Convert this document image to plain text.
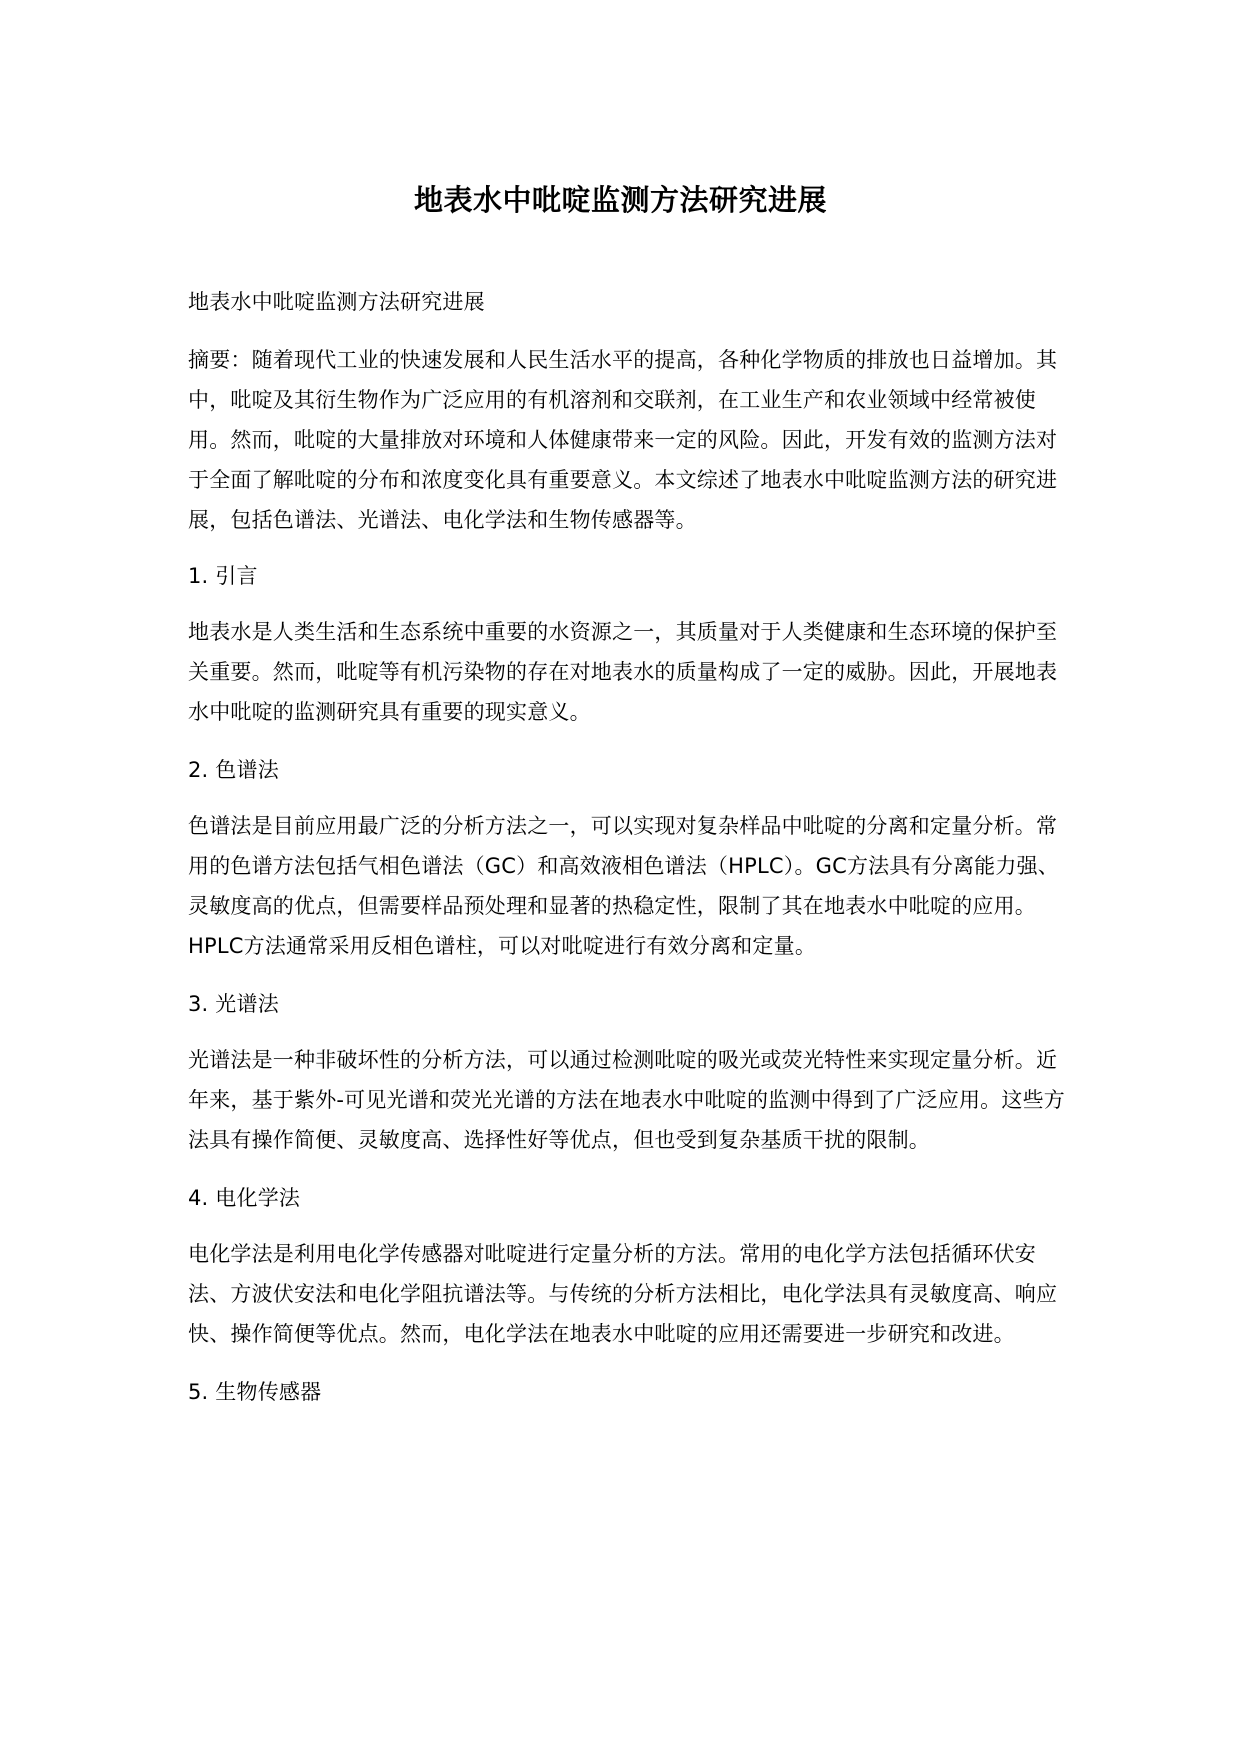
地表水中吡啶监测方法研究进展

地表水中吡啶监测方法研究进展

摘要：随着现代工业的快速发展和人民生活水平的提高，各种化学物质的排放也日益增加。其中，吡啶及其衍生物作为广泛应用的有机溶剂和交联剂，在工业生产和农业领域中经常被使用。然而，吡啶的大量排放对环境和人体健康带来一定的风险。因此，开发有效的监测方法对于全面了解吡啶的分布和浓度变化具有重要意义。本文综述了地表水中吡啶监测方法的研究进展，包括色谱法、光谱法、电化学法和生物传感器等。

1. 引言

地表水是人类生活和生态系统中重要的水资源之一，其质量对于人类健康和生态环境的保护至关重要。然而，吡啶等有机污染物的存在对地表水的质量构成了一定的威胁。因此，开展地表水中吡啶的监测研究具有重要的现实意义。

2. 色谱法

色谱法是目前应用最广泛的分析方法之一，可以实现对复杂样品中吡啶的分离和定量分析。常用的色谱方法包括气相色谱法（GC）和高效液相色谱法（HPLC）。GC方法具有分离能力强、灵敏度高的优点，但需要样品预处理和显著的热稳定性，限制了其在地表水中吡啶的应用。HPLC方法通常采用反相色谱柱，可以对吡啶进行有效分离和定量。

3. 光谱法

光谱法是一种非破坏性的分析方法，可以通过检测吡啶的吸光或荧光特性来实现定量分析。近年来，基于紫外-可见光谱和荧光光谱的方法在地表水中吡啶的监测中得到了广泛应用。这些方法具有操作简便、灵敏度高、选择性好等优点，但也受到复杂基质干扰的限制。

4. 电化学法

电化学法是利用电化学传感器对吡啶进行定量分析的方法。常用的电化学方法包括循环伏安法、方波伏安法和电化学阻抗谱法等。与传统的分析方法相比，电化学法具有灵敏度高、响应快、操作简便等优点。然而，电化学法在地表水中吡啶的应用还需要进一步研究和改进。

5. 生物传感器
